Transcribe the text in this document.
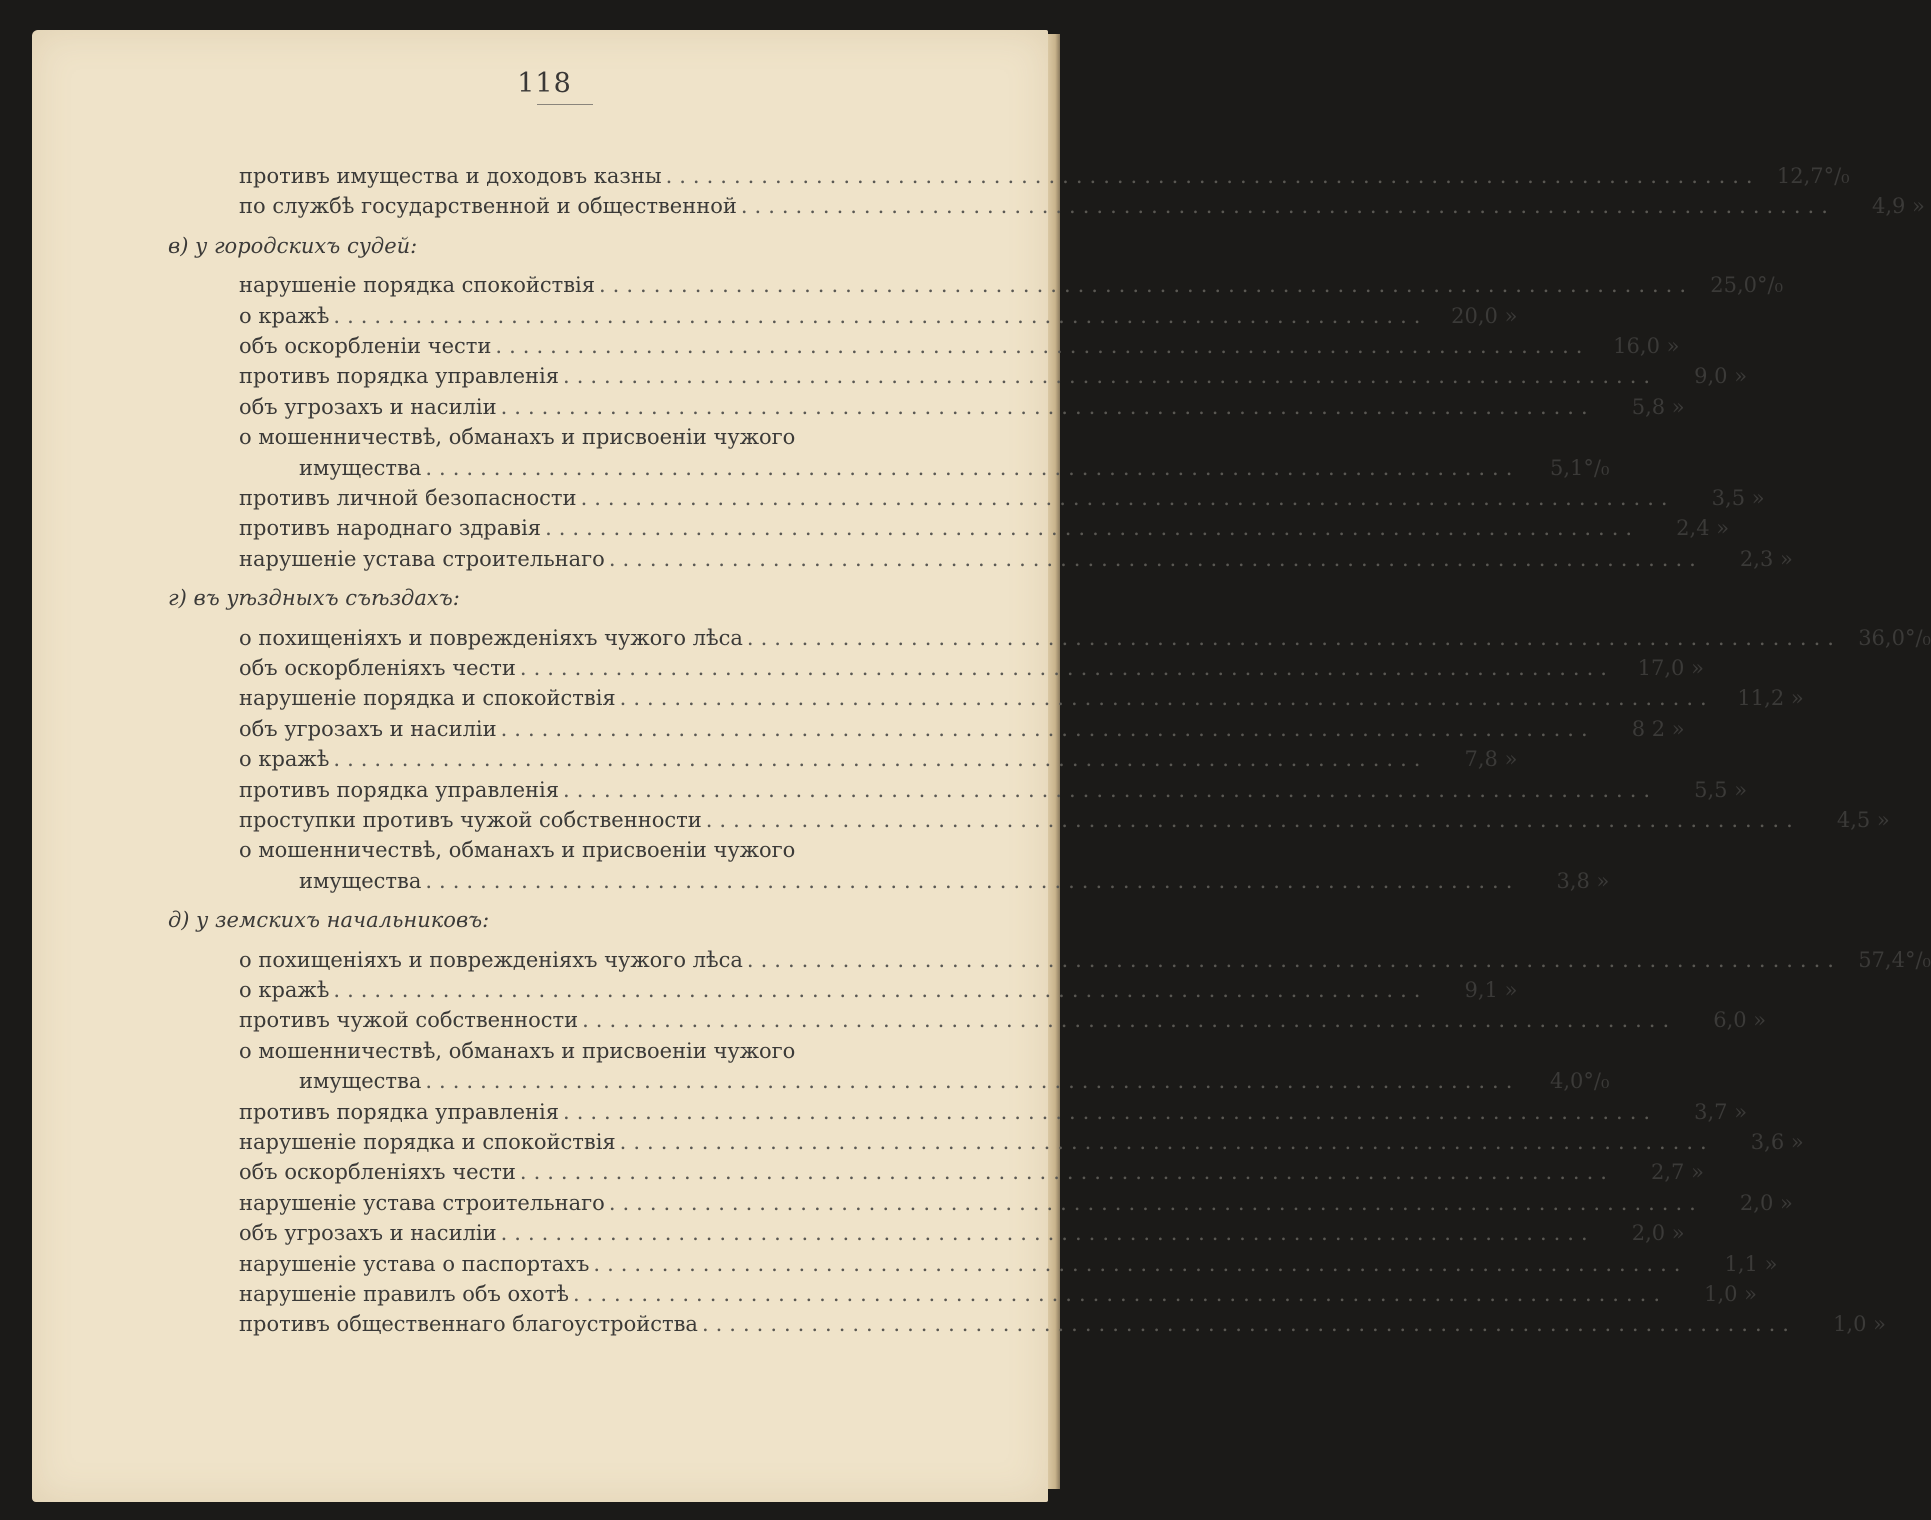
118
противъ имущества и доходовъ казны ................................................................................ 12,7°/₀
по службѣ государственной и общественной ................................................................................	4,9 »
в) у городскихъ судей:
нарушенiе порядка спокойствiя ................................................................................ 25,0°/₀
о кражѣ ................................................................................	20,0 »
объ оскорбленiи чести ................................................................................	16,0 »
противъ порядка управленiя ................................................................................	9,0 »
объ угрозахъ и насилiи ................................................................................	5,8 »
о мошенничествѣ, обманахъ и присвоенiи чужого
имущества ................................................................................	5,1°/₀
противъ личной безопасности ................................................................................	3,5 »
противъ народнаго здравiя ................................................................................	2,4 »
нарушенiе устава строительнаго ................................................................................	2,3 »
г) въ уѣздныхъ съѣздахъ:
о похищенiяхъ и поврежденiяхъ чужого лѣса ................................................................................ 36,0°/₀
объ оскорбленiяхъ чести ................................................................................	17,0 »
нарушенiе порядка и спокойствiя ................................................................................	11,2 »
объ угрозахъ и насилiи ................................................................................	8 2 »
о кражѣ ................................................................................	7,8 »
противъ порядка управленiя ................................................................................	5,5 »
проступки противъ чужой собственности ................................................................................	4,5 »
о мошенничествѣ, обманахъ и присвоенiи чужого
имущества ................................................................................	3,8 »
д) у земскихъ начальниковъ:
о похищенiяхъ и поврежденiяхъ чужого лѣса ................................................................................ 57,4°/₀
о кражѣ ................................................................................	9,1 »
противъ чужой собственности ................................................................................	6,0 »
о мошенничествѣ, обманахъ и присвоенiи чужого
имущества ................................................................................	4,0°/₀
противъ порядка управленiя ................................................................................	3,7 »
нарушенiе порядка и спокойствiя ................................................................................	3,6 »
объ оскорбленiяхъ чести ................................................................................	2,7 »
нарушенiе устава строительнаго ................................................................................	2,0 »
объ угрозахъ и насилiи ................................................................................	2,0 »
нарушенiе устава о паспортахъ ................................................................................	1,1 »
нарушенiе правилъ объ охотѣ ................................................................................	1,0 »
противъ общественнаго благоустройства ................................................................................	1,0 »
